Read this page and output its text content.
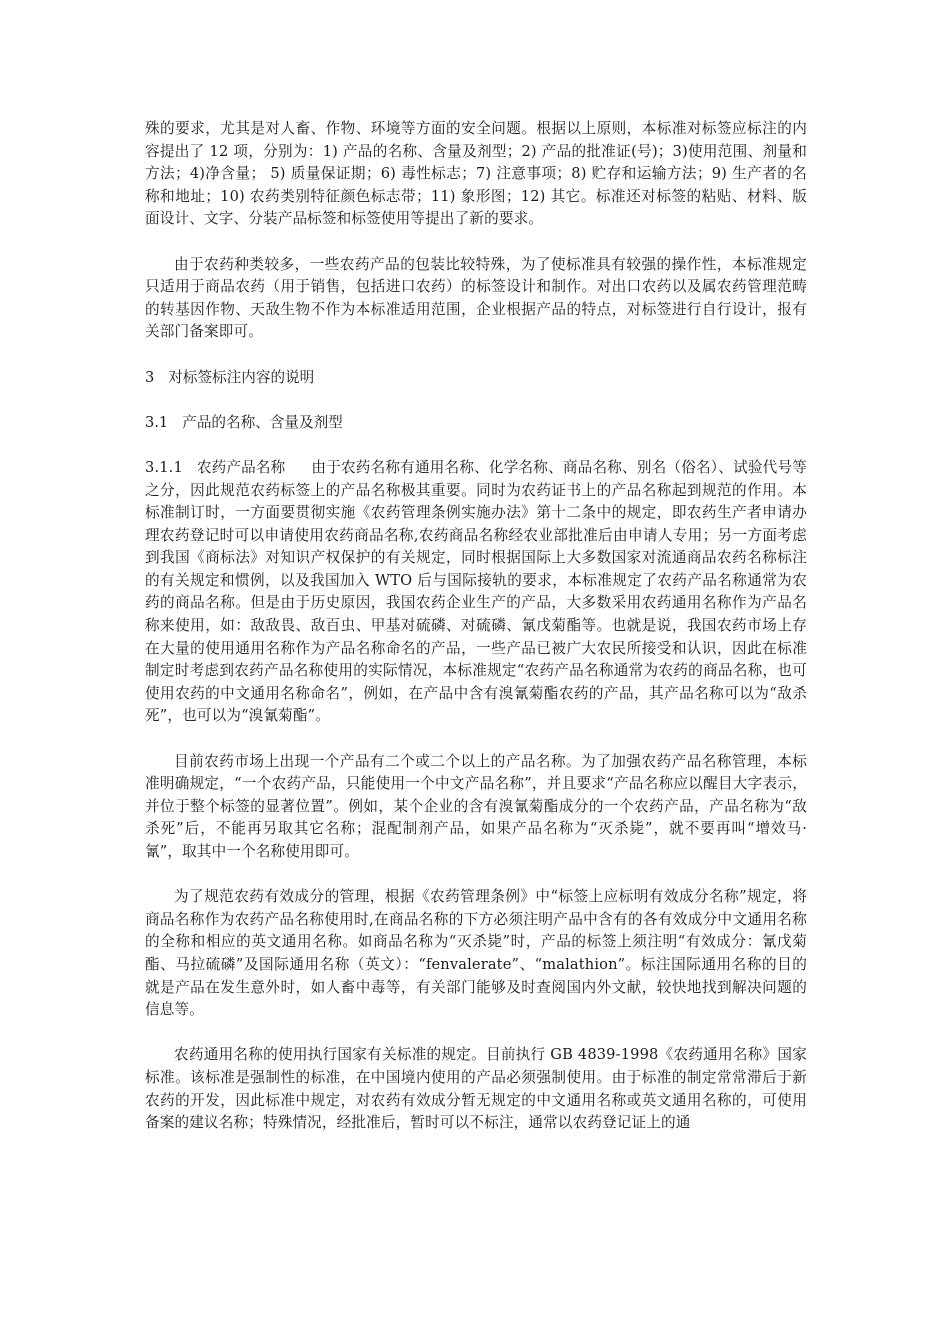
殊的要求，尤其是对人畜、作物、环境等方面的安全问题。根据以上原则，本标准对标签应标注的内容提出了 12 项，分别为：1) 产品的名称、含量及剂型；2) 产品的批准证(号)；3)使用范围、剂量和方法；4)净含量； 5) 质量保证期；6) 毒性标志；7) 注意事项；8) 贮存和运输方法；9) 生产者的名称和地址；10) 农药类别特征颜色标志带；11) 象形图；12) 其它。标准还对标签的粘贴、材料、版面设计、文字、分装产品标签和标签使用等提出了新的要求。

由于农药种类较多，一些农药产品的包装比较特殊，为了使标准具有较强的操作性，本标准规定只适用于商品农药（用于销售，包括进口农药）的标签设计和制作。对出口农药以及属农药管理范畴的转基因作物、天敌生物不作为本标准适用范围，企业根据产品的特点，对标签进行自行设计，报有关部门备案即可。

3 对标签标注内容的说明
3.1 产品的名称、含量及剂型

3.1.1 农药产品名称 由于农药名称有通用名称、化学名称、商品名称、别名（俗名）、试验代号等之分，因此规范农药标签上的产品名称极其重要。同时为农药证书上的产品名称起到规范的作用。本标准制订时，一方面要贯彻实施《农药管理条例实施办法》第十二条中的规定，即农药生产者申请办理农药登记时可以申请使用农药商品名称,农药商品名称经农业部批准后由申请人专用；另一方面考虑到我国《商标法》对知识产权保护的有关规定，同时根据国际上大多数国家对流通商品农药名称标注的有关规定和惯例，以及我国加入 WTO 后与国际接轨的要求，本标准规定了农药产品名称通常为农药的商品名称。但是由于历史原因，我国农药企业生产的产品，大多数采用农药通用名称作为产品名称来使用，如：敌敌畏、敌百虫、甲基对硫磷、对硫磷、氰戊菊酯等。也就是说，我国农药市场上存在大量的使用通用名称作为产品名称命名的产品，一些产品已被广大农民所接受和认识，因此在标准制定时考虑到农药产品名称使用的实际情况，本标准规定“农药产品名称通常为农药的商品名称，也可使用农药的中文通用名称命名”，例如，在产品中含有溴氰菊酯农药的产品，其产品名称可以为“敌杀死”，也可以为“溴氰菊酯”。

目前农药市场上出现一个产品有二个或二个以上的产品名称。为了加强农药产品名称管理，本标准明确规定，“一个农药产品，只能使用一个中文产品名称”，并且要求“产品名称应以醒目大字表示，并位于整个标签的显著位置”。例如，某个企业的含有溴氰菊酯成分的一个农药产品，产品名称为“敌杀死”后，不能再另取其它名称；混配制剂产品，如果产品名称为“灭杀毙”，就不要再叫“增效马·氰”，取其中一个名称使用即可。

为了规范农药有效成分的管理，根据《农药管理条例》中“标签上应标明有效成分名称”规定，将商品名称作为农药产品名称使用时,在商品名称的下方必须注明产品中含有的各有效成分中文通用名称的全称和相应的英文通用名称。如商品名称为“灭杀毙”时，产品的标签上须注明“有效成分：氰戊菊酯、马拉硫磷”及国际通用名称（英文）：“fenvalerate”、“malathion”。标注国际通用名称的目的就是产品在发生意外时，如人畜中毒等，有关部门能够及时查阅国内外文献，较快地找到解决问题的信息等。

农药通用名称的使用执行国家有关标准的规定。目前执行 GB 4839-1998《农药通用名称》国家标准。该标准是强制性的标准，在中国境内使用的产品必须强制使用。由于标准的制定常常滞后于新农药的开发，因此标准中规定，对农药有效成分暂无规定的中文通用名称或英文通用名称的，可使用备案的建议名称；特殊情况，经批准后，暂时可以不标注，通常以农药登记证上的通
